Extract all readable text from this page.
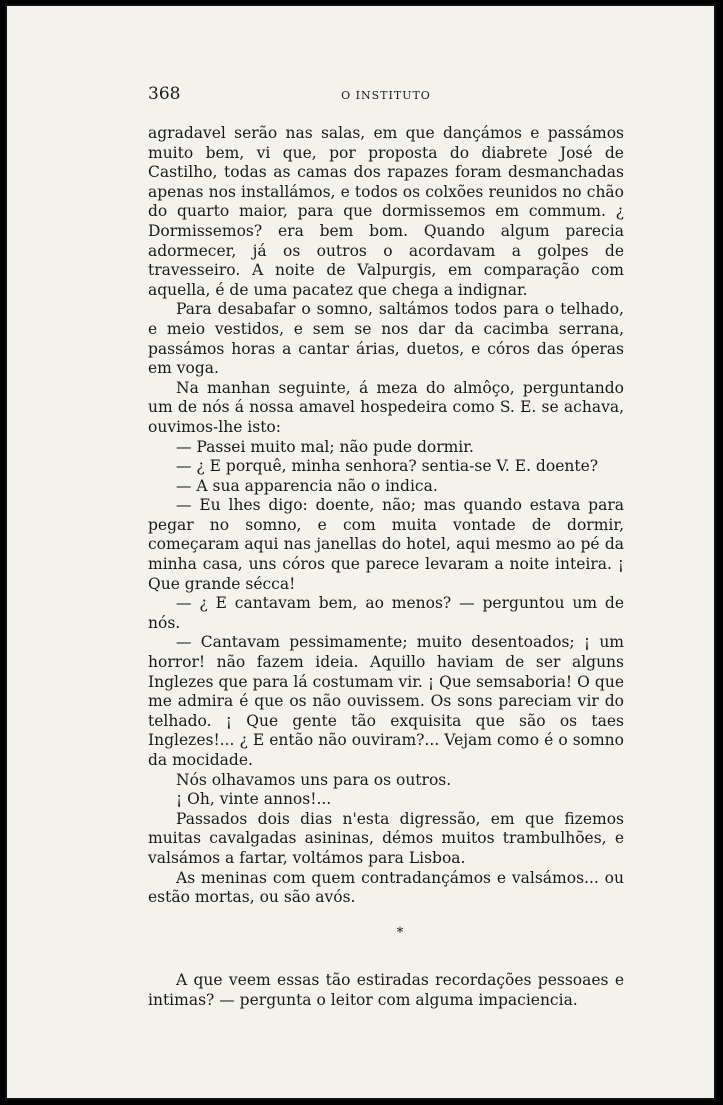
368	O INSTITUTO

agradavel serão nas salas, em que dançámos e passámos muito bem, vi que, por proposta do diabrete José de Castilho, todas as camas dos rapazes foram desmanchadas apenas nos installámos, e todos os colxões reunidos no chão do quarto maior, para que dormissemos em commum. ¿ Dormissemos? era bem bom. Quando algum parecia adormecer, já os outros o acordavam a golpes de travesseiro. A noite de Valpurgis, em comparação com aquella, é de uma pacatez que chega a indignar.

Para desabafar o somno, saltámos todos para o telhado, e meio vestidos, e sem se nos dar da cacimba serrana, passámos horas a cantar árias, duetos, e córos das óperas em voga.

Na manhan seguinte, á meza do almôço, perguntando um de nós á nossa amavel hospedeira como S. E. se achava, ouvimos-lhe isto:

— Passei muito mal; não pude dormir.

— ¿ E porquê, minha senhora? sentia-se V. E. doente?

— A sua apparencia não o indica.

— Eu lhes digo: doente, não; mas quando estava para pegar no somno, e com muita vontade de dormir, começaram aqui nas janellas do hotel, aqui mesmo ao pé da minha casa, uns córos que parece levaram a noite inteira. ¡ Que grande sécca!

— ¿ E cantavam bem, ao menos? — perguntou um de nós.

— Cantavam pessimamente; muito desentoados; ¡ um horror! não fazem ideia. Aquillo haviam de ser alguns Inglezes que para lá costumam vir. ¡ Que semsaboria! O que me admira é que os não ouvissem. Os sons pareciam vir do telhado. ¡ Que gente tão exquisita que são os taes Inglezes!... ¿ E então não ouviram?... Vejam como é o somno da mocidade.

Nós olhavamos uns para os outros.

¡ Oh, vinte annos!...

Passados dois dias n'esta digressão, em que fizemos muitas cavalgadas asininas, démos muitos trambulhões, e valsámos a fartar, voltámos para Lisboa.

As meninas com quem contradançámos e valsámos... ou estão mortas, ou são avós.

*

A que veem essas tão estiradas recordações pessoaes e intimas? — pergunta o leitor com alguma impaciencia.
